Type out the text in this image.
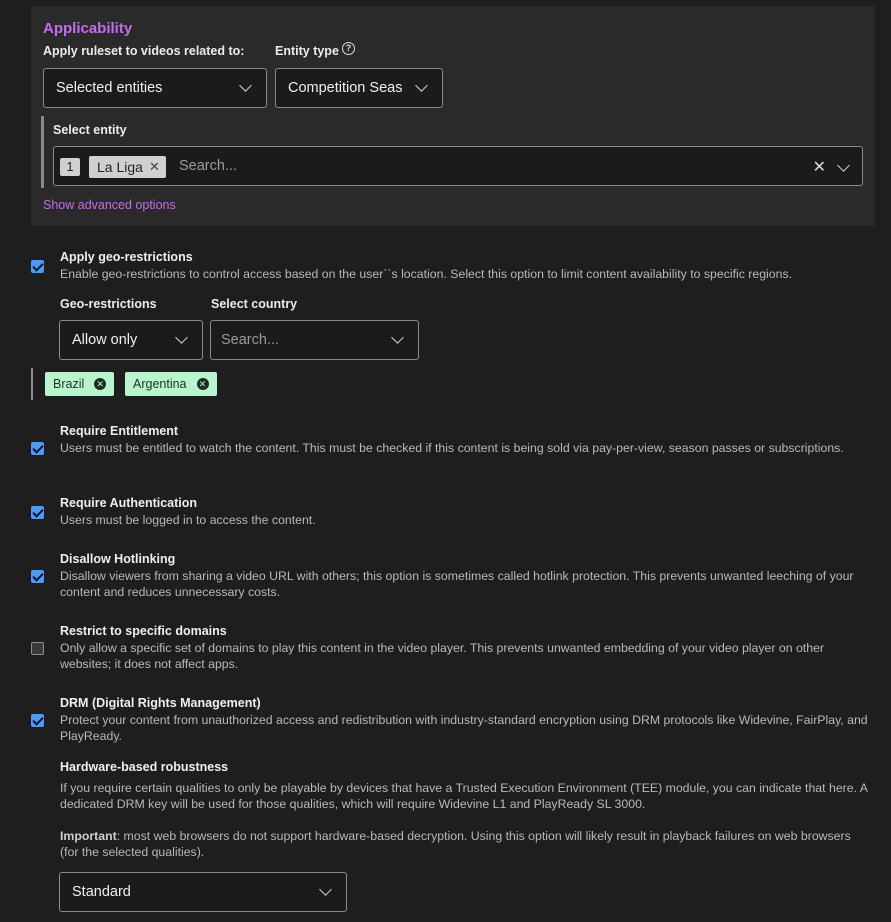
Applicability
Apply ruleset to videos related to: Entity type ?
Selected entities	Competition Seas
Select entity
1	La Liga ✕ Search...	✕
Show advanced options
Apply geo-restrictions
Enable geo-restrictions to control access based on the user``s location. Select this option to limit content availability to specific regions.
Geo-restrictions	Select country
Allow only	Search...
Brazil ✕ Argentina ✕
Require Entitlement
Users must be entitled to watch the content. This must be checked if this content is being sold via pay-per-view, season passes or subscriptions.
Require Authentication
Users must be logged in to access the content.
Disallow Hotlinking
Disallow viewers from sharing a video URL with others; this option is sometimes called hotlink protection. This prevents unwanted leeching of your content and reduces unnecessary costs.
Restrict to specific domains
Only allow a specific set of domains to play this content in the video player. This prevents unwanted embedding of your video player on other websites; it does not affect apps.
DRM (Digital Rights Management)
Protect your content from unauthorized access and redistribution with industry-standard encryption using DRM protocols like Widevine, FairPlay, and PlayReady.
Hardware-based robustness
If you require certain qualities to only be playable by devices that have a Trusted Execution Environment (TEE) module, you can indicate that here. A dedicated DRM key will be used for those qualities, which will require Widevine L1 and PlayReady SL 3000.
Important: most web browsers do not support hardware-based decryption. Using this option will likely result in playback failures on web browsers (for the selected qualities).
Standard
